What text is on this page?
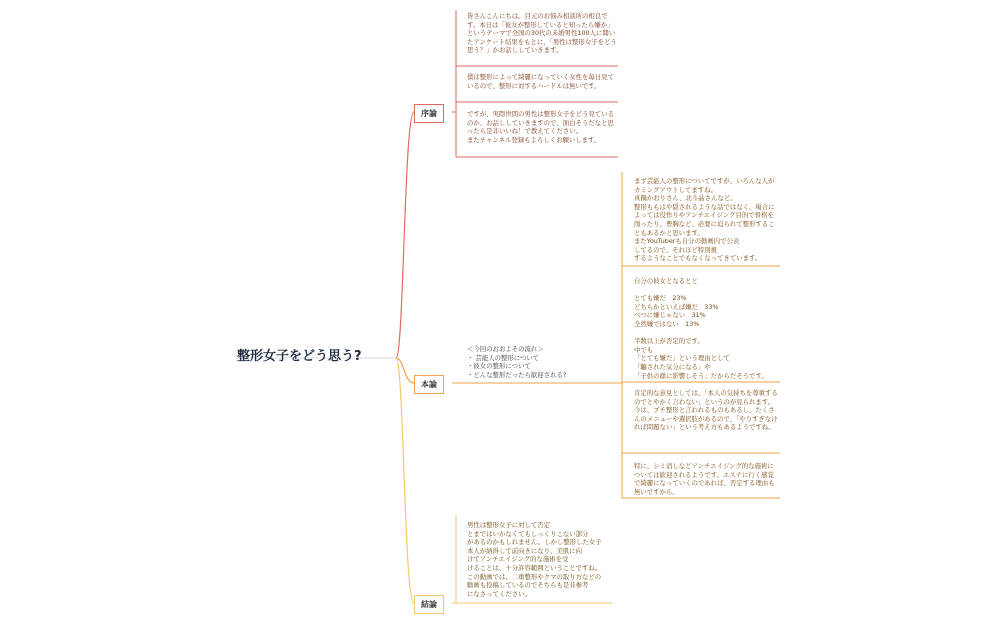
整形女子をどう思う?
序論
皆さんこんにちは。目元のお悩み相談所の相良です。本日は「彼女が整形していると知ったら嫌か」というテーマで全国の30代の未婚男性100人に聞いたアンケート結果をもとに、「男性は整形女子をどう思う？」かお話ししていきます。
僕は整形によって綺麗になっていく女性を毎日見ているので、整形に対するハードルは無いです。
ですが、実際世間の男性は整形女子をどう見ているのか、お話ししていきますので、面白そうだなと思ったら是非いいね！で教えてください。
またチャンネル登録もよろしくお願いします。
本論
＜今回のおおよその流れ＞
・ 芸能人の整形について
・彼女の整形について
・どんな整形だったら歓迎される?
まず芸能人の整形についてですが、いろんな人がカミングアウトしてますね。
真鍋かおりさん、北斗晶さんなど。
整形ももはや隠されるような話ではなく、場合によっては役作りやアンチエイジング目的で骨格を削ったり、豊胸など、必要に迫られて整形することもあるかと思います。
またYouTuberも自分の動画内で公表
してるので、それほど特別視
するようなことでもなくなってきています。
自分の彼女となるとと

とても嫌だ　23%
どちらかといえば嫌だ　33%
べつに嫌じゃない　31%
全然嫌ではない　13%

半数以上が否定的です。
中でも
「とても嫌だ」という理由として
「騙された気分になる」や
「子供の顔に影響しそう」だからだそうです。
肯定的な意見としては、「本人の気持ちを尊重するのでとやかく言わない」というのが見られます。
今は、プチ整形と言われるものもあるし、たくさんのメニューや選択肢があるので、「やりすぎなければ問題ない」という考え方もあるようですね。
特に、シミ消しなどアンチエイジング的な施術については歓迎されるようです。エステに行く感覚で綺麗になっていくのであれば、否定する理由も無いですから。
結論
男性は整形女子に対して否定
とまではいかなくてもしっくりこない部分
があるのかもしれません。しかし整形した女子
本人が納得して前向きになり、美肌に向
けてアンチエイジング的な施術を受
けることは、十分許容範囲ということですね。
この動画では、二重整形やクマの取り方などの
動画も投稿しているのでそちらも是非参考
になさってください。
